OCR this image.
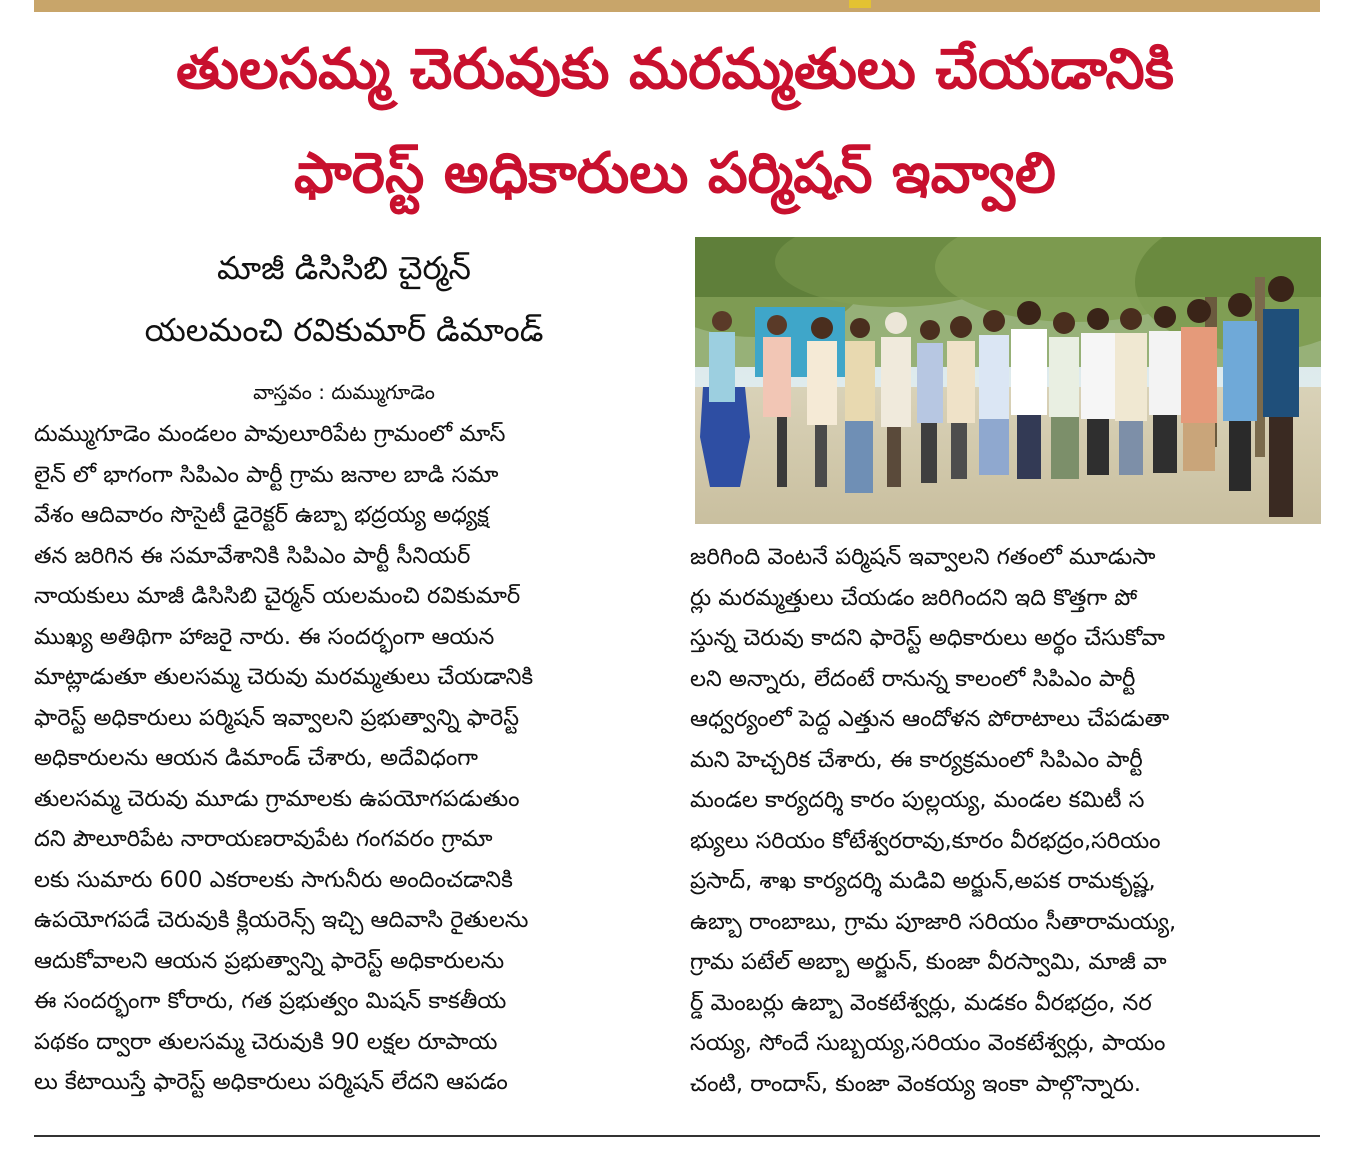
తులసమ్మ చెరువుకు మరమ్మతులు చేయడానికి
ఫారెస్ట్ అధికారులు పర్మిషన్ ఇవ్వాలి
మాజీ డిసిసిబి చైర్మన్
యలమంచి రవికుమార్ డిమాండ్
వాస్తవం : దుమ్ముగూడెం
దుమ్ముగూడెం మండలం పావులూరిపేట గ్రామంలో మాస్
లైన్ లో భాగంగా సిపిఎం పార్టీ గ్రామ జనాల బాడి సమా
వేశం ఆదివారం సొసైటీ డైరెక్టర్ ఉబ్బా భద్రయ్య అధ్యక్ష
తన జరిగిన ఈ సమావేశానికి సిపిఎం పార్టీ సీనియర్
నాయకులు మాజీ డిసిసిబి చైర్మన్ యలమంచి రవికుమార్
ముఖ్య అతిథిగా హాజరై నారు. ఈ సందర్భంగా ఆయన
మాట్లాడుతూ తులసమ్మ చెరువు మరమ్మతులు చేయడానికి
ఫారెస్ట్ అధికారులు పర్మిషన్ ఇవ్వాలని ప్రభుత్వాన్ని ఫారెస్ట్
అధికారులను ఆయన డిమాండ్ చేశారు, అదేవిధంగా
తులసమ్మ చెరువు మూడు గ్రామాలకు ఉపయోగపడుతుం
దని పౌలూరిపేట నారాయణరావుపేట గంగవరం గ్రామా
లకు సుమారు 600 ఎకరాలకు సాగునీరు అందించడానికి
ఉపయోగపడే చెరువుకి క్లియరెన్స్ ఇచ్చి ఆదివాసి రైతులను
ఆదుకోవాలని ఆయన ప్రభుత్వాన్ని ఫారెస్ట్ అధికారులను
ఈ సందర్భంగా కోరారు, గత ప్రభుత్వం మిషన్ కాకతీయ
పథకం ద్వారా తులసమ్మ చెరువుకి 90 లక్షల రూపాయ
లు కేటాయిస్తే ఫారెస్ట్ అధికారులు పర్మిషన్ లేదని ఆపడం
జరిగింది వెంటనే పర్మిషన్ ఇవ్వాలని గతంలో మూడుసా
ర్లు మరమ్మత్తులు చేయడం జరిగిందని ఇది కొత్తగా పో
స్తున్న చెరువు కాదని ఫారెస్ట్ అధికారులు అర్థం చేసుకోవా
లని అన్నారు, లేదంటే రానున్న కాలంలో సిపిఎం పార్టీ
ఆధ్వర్యంలో పెద్ద ఎత్తున ఆందోళన పోరాటాలు చేపడుతా
మని హెచ్చరిక చేశారు, ఈ కార్యక్రమంలో సిపిఎం పార్టీ
మండల కార్యదర్శి కారం పుల్లయ్య, మండల కమిటీ స
భ్యులు సరియం కోటేశ్వరరావు,కూరం వీరభద్రం,సరియం
ప్రసాద్, శాఖ కార్యదర్శి మడివి అర్జున్,అపక రామకృష్ణ,
ఉబ్బా రాంబాబు, గ్రామ పూజారి సరియం సీతారామయ్య,
గ్రామ పటేల్ అబ్బా అర్జున్, కుంజా వీరస్వామి, మాజీ వా
ర్డ్ మెంబర్లు ఉబ్బా వెంకటేశ్వర్లు, మడకం వీరభద్రం, నర
సయ్య, సోందే సుబ్బయ్య,సరియం వెంకటేశ్వర్లు, పాయం
చంటి, రాందాస్, కుంజా వెంకయ్య ఇంకా పాల్గొన్నారు.
